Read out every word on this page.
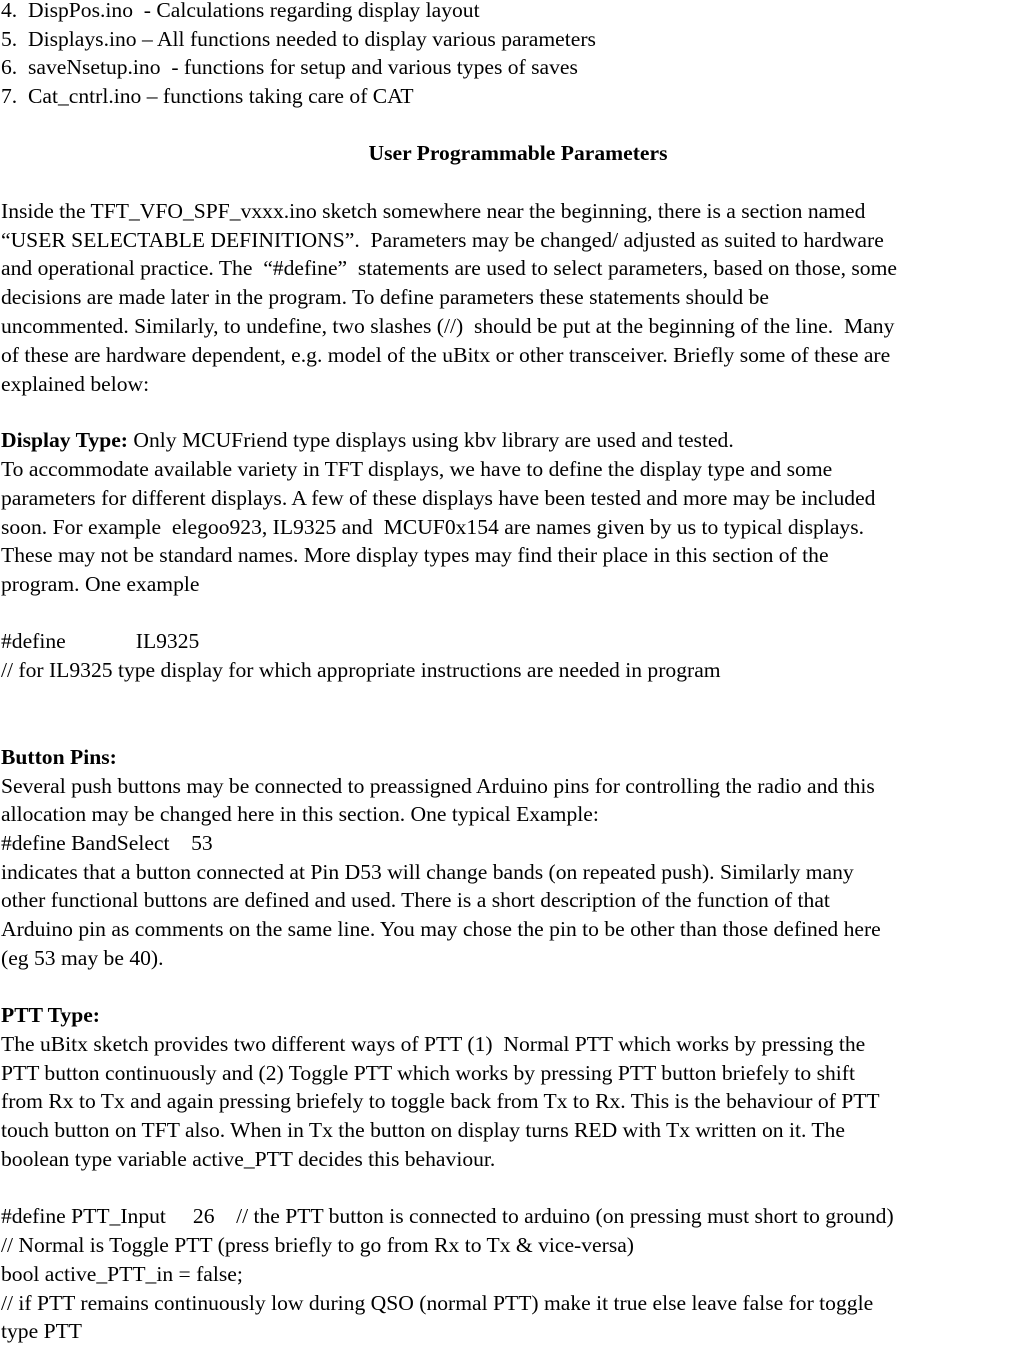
4.  DispPos.ino  - Calculations regarding display layout
5.  Displays.ino – All functions needed to display various parameters
6.  saveNsetup.ino  - functions for setup and various types of saves
7.  Cat_cntrl.ino – functions taking care of CAT
User Programmable Parameters
Inside the TFT_VFO_SPF_vxxx.ino sketch somewhere near the beginning, there is a section named
“USER SELECTABLE DEFINITIONS”.  Parameters may be changed/ adjusted as suited to hardware
and operational practice. The  “#define”  statements are used to select parameters, based on those, some
decisions are made later in the program. To define parameters these statements should be
uncommented. Similarly, to undefine, two slashes (//)  should be put at the beginning of the line.  Many
of these are hardware dependent, e.g. model of the uBitx or other transceiver. Briefly some of these are
explained below:
Display Type: Only MCUFriend type displays using kbv library are used and tested.
To accommodate available variety in TFT displays, we have to define the display type and some
parameters for different displays. A few of these displays have been tested and more may be included
soon. For example  elegoo923, IL9325 and  MCUF0x154 are names given by us to typical displays.
These may not be standard names. More display types may find their place in this section of the
program. One example
#define	IL9325
// for IL9325 type display for which appropriate instructions are needed in program
Button Pins:
Several push buttons may be connected to preassigned Arduino pins for controlling the radio and this
allocation may be changed here in this section. One typical Example:
#define BandSelect    53
indicates that a button connected at Pin D53 will change bands (on repeated push). Similarly many
other functional buttons are defined and used. There is a short description of the function of that
Arduino pin as comments on the same line. You may chose the pin to be other than those defined here
(eg 53 may be 40).
PTT Type:
The uBitx sketch provides two different ways of PTT (1)  Normal PTT which works by pressing the
PTT button continuously and (2) Toggle PTT which works by pressing PTT button briefely to shift
from Rx to Tx and again pressing briefely to toggle back from Tx to Rx. This is the behaviour of PTT
touch button on TFT also. When in Tx the button on display turns RED with Tx written on it. The
boolean type variable active_PTT decides this behaviour.
#define PTT_Input     26    // the PTT button is connected to arduino (on pressing must short to ground)
// Normal is Toggle PTT (press briefly to go from Rx to Tx & vice-versa)
bool active_PTT_in = false;
// if PTT remains continuously low during QSO (normal PTT) make it true else leave false for toggle
type PTT
